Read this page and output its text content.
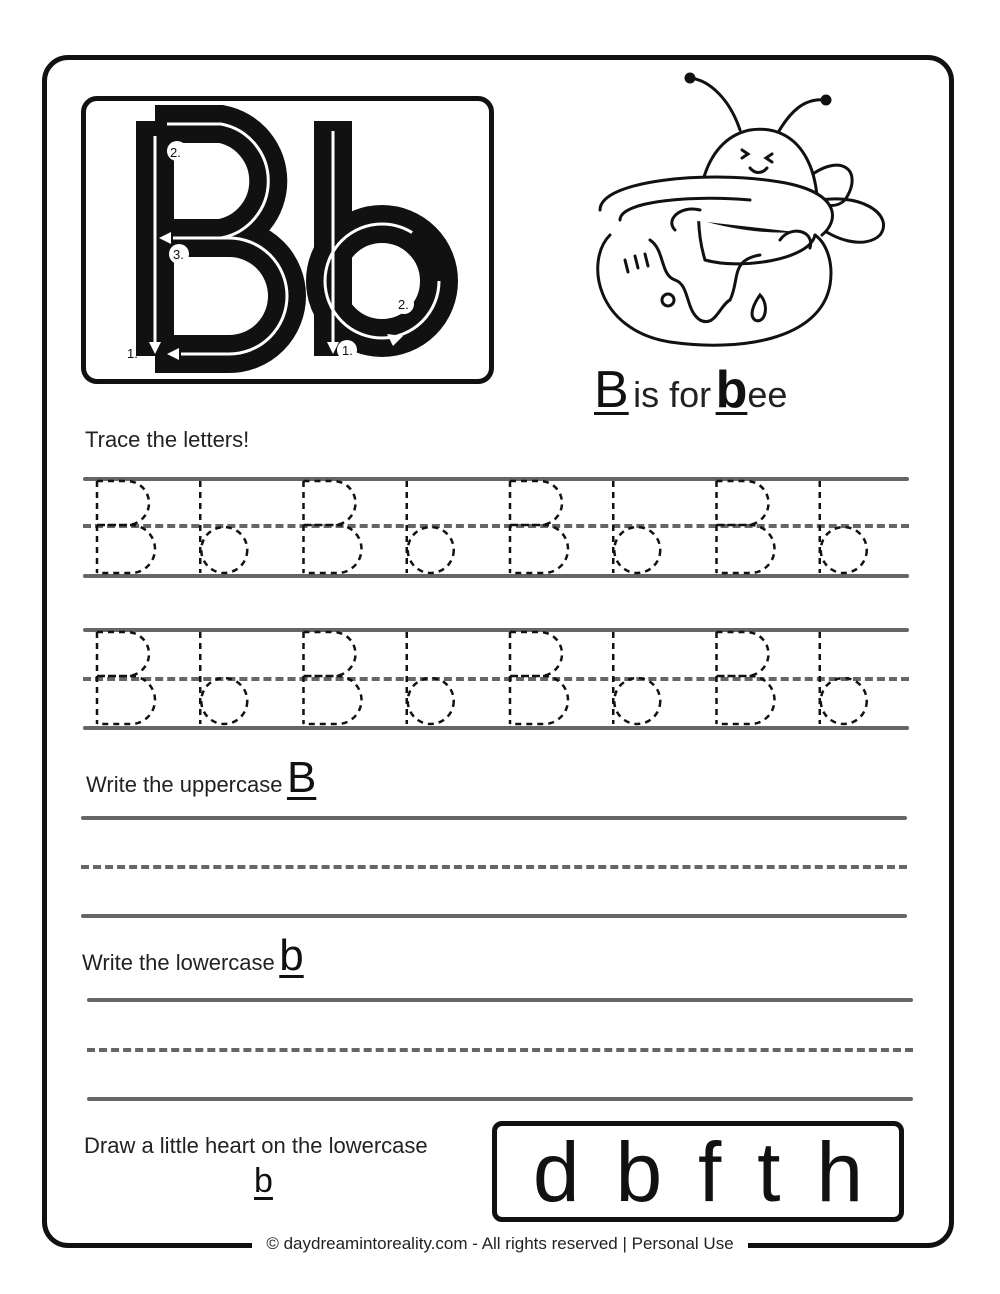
1.
2.
3.
1.
2.
B is for bee
Trace the letters!
Write the uppercase B
Write the lowercase b
Draw a little heart on the lowercase
b	d b f t h
© daydreamintoreality.com - All rights reserved | Personal Use
